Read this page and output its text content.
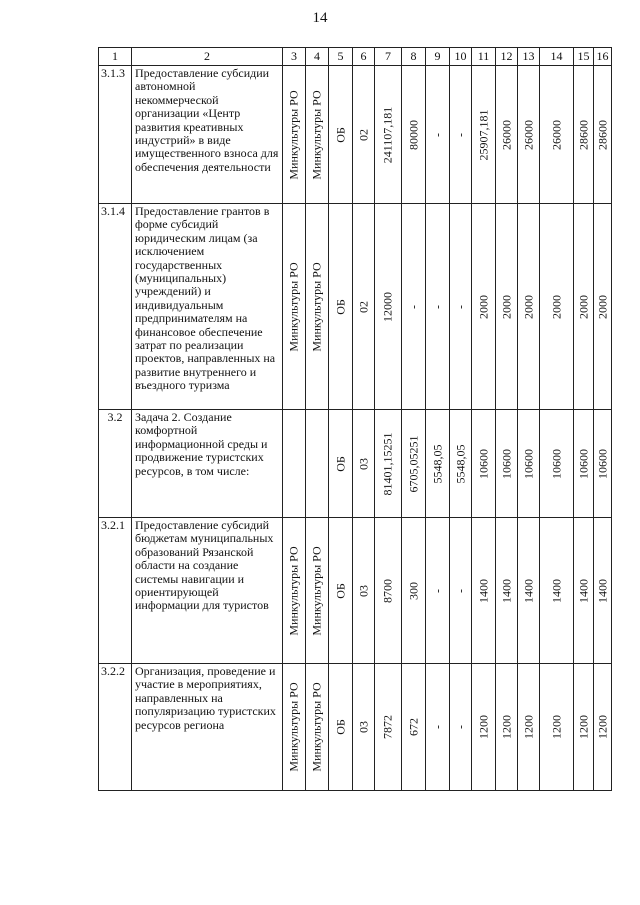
14
1	2	3	4	5	6	7	8	9	10	11	12	13	14	15	16
3.1.3	Предоставление субсидии автономной некоммерческой организации «Центр развития креативных индустрий» в виде имущественного взноса для обеспечения деятельности	Минкультуры РО	Минкультуры РО	ОБ	02	241107,181	80000	-	-	25907,181	26000	26000	26000	28600	28600

3.1.4	Предоставление грантов в форме субсидий юридическим лицам (за исключением государственных (муниципальных) учреждений) и индивидуальным предпринимателям на финансовое обеспечение затрат по реализации проектов, направленных на развитие внутреннего и въездного туризма	Минкультуры РО	Минкультуры РО	ОБ	02	12000	-	-	-	2000	2000	2000	2000	2000	2000

3.2	Задача 2. Создание комфортной информационной среды и продвижение туристских ресурсов, в том числе:			ОБ	03	81401,15251	6705,05251	5548,05	5548,05	10600	10600	10600	10600	10600	10600

3.2.1	Предоставление субсидий бюджетам муниципальных образований Рязанской области на создание системы навигации и ориентирующей информации для туристов	Минкультуры РО	Минкультуры РО	ОБ	03	8700	300	-	-	1400	1400	1400	1400	1400	1400

3.2.2	Организация, проведение и участие в мероприятиях, направленных на популяризацию туристских ресурсов региона	Минкультуры РО	Минкультуры РО	ОБ	03	7872	672	-	-	1200	1200	1200	1200	1200	1200
